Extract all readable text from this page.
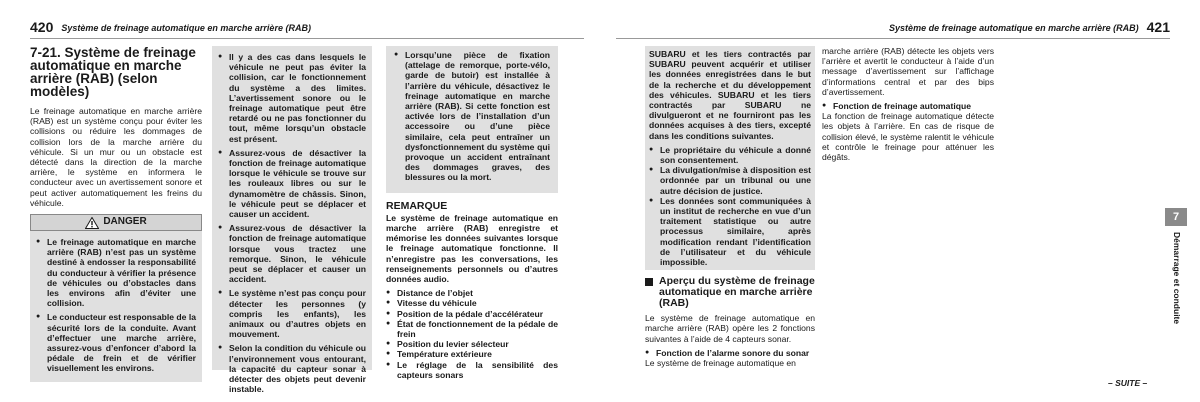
420 Système de freinage automatique en marche arrière (RAB)
7-21. Système de freinage automatique en marche arrière (RAB) (selon modèles)
Le freinage automatique en marche arrière (RAB) est un système conçu pour éviter les collisions ou réduire les dommages de collision lors de la marche arrière du véhicule. Si un mur ou un obstacle est détecté dans la direction de la marche arrière, le système en informera le conducteur avec un avertissement sonore et peut activer automatiquement les freins du véhicule.
DANGER
● Le freinage automatique en marche arrière (RAB) n’est pas un système destiné à endosser la responsabilité du conducteur à vérifier la présence de véhicules ou d’obstacles dans les environs afin d’éviter une collision.
● Le conducteur est responsable de la sécurité lors de la conduite. Avant d’effectuer une marche arrière, assurez-vous d’enfoncer d’abord la pédale de frein et de vérifier visuellement les environs.
● Il y a des cas dans lesquels le véhicule ne peut pas éviter la collision, car le fonctionnement du système a des limites. L’avertissement sonore ou le freinage automatique peut être retardé ou ne pas fonctionner du tout, même lorsqu’un obstacle est présent.
● Assurez-vous de désactiver la fonction de freinage automatique lorsque le véhicule se trouve sur les rouleaux libres ou sur le dynamomètre de châssis. Sinon, le véhicule peut se déplacer et causer un accident.
● Assurez-vous de désactiver la fonction de freinage automatique lorsque vous tractez une remorque. Sinon, le véhicule peut se déplacer et causer un accident.
● Le système n’est pas conçu pour détecter les personnes (y compris les enfants), les animaux ou d’autres objets en mouvement.
● Selon la condition du véhicule ou l’environnement vous entourant, la capacité du capteur sonar à détecter des objets peut devenir instable.
● Lorsqu’une pièce de fixation (attelage de remorque, porte-vélo, garde de butoir) est installée à l’arrière du véhicule, désactivez le freinage automatique en marche arrière (RAB). Si cette fonction est activée lors de l’installation d’un accessoire ou d’une pièce similaire, cela peut entraîner un dysfonctionnement du système qui provoque un accident entraînant des dommages graves, des blessures ou la mort.
REMARQUE
Le système de freinage automatique en marche arrière (RAB) enregistre et mémorise les données suivantes lorsque le freinage automatique fonctionne. Il n’enregistre pas les conversations, les renseignements personnels ou d’autres données audio.
● Distance de l’objet
● Vitesse du véhicule
● Position de la pédale d’accélérateur
● État de fonctionnement de la pédale de frein
● Position du levier sélecteur
● Température extérieure
● Le réglage de la sensibilité des capteurs sonars
Système de freinage automatique en marche arrière (RAB) 421
SUBARU et les tiers contractés par SUBARU peuvent acquérir et utiliser les données enregistrées dans le but de la recherche et du développement des véhicules. SUBARU et les tiers contractés par SUBARU ne divulgueront et ne fourniront pas les données acquises à des tiers, excepté dans les conditions suivantes.
● Le propriétaire du véhicule a donné son consentement.
● La divulgation/mise à disposition est ordonnée par un tribunal ou une autre décision de justice.
● Les données sont communiquées à un institut de recherche en vue d’un traitement statistique ou autre processus similaire, après modification rendant l’identification de l’utilisateur et du véhicule impossible.
Aperçu du système de freinage automatique en marche arrière (RAB)
Le système de freinage automatique en marche arrière (RAB) opère les 2 fonctions suivantes à l’aide de 4 capteurs sonar.
● Fonction de l’alarme sonore du sonar
Le système de freinage automatique en
marche arrière (RAB) détecte les objets vers l’arrière et avertit le conducteur à l’aide d’un message d’avertissement sur l’affichage d’informations central et par des bips d’avertissement.
● Fonction de freinage automatique
La fonction de freinage automatique détecte les objets à l’arrière. En cas de risque de collision élevé, le système ralentit le véhicule et contrôle le freinage pour atténuer les dégâts.
7
Démarrage et conduite
– SUITE –
